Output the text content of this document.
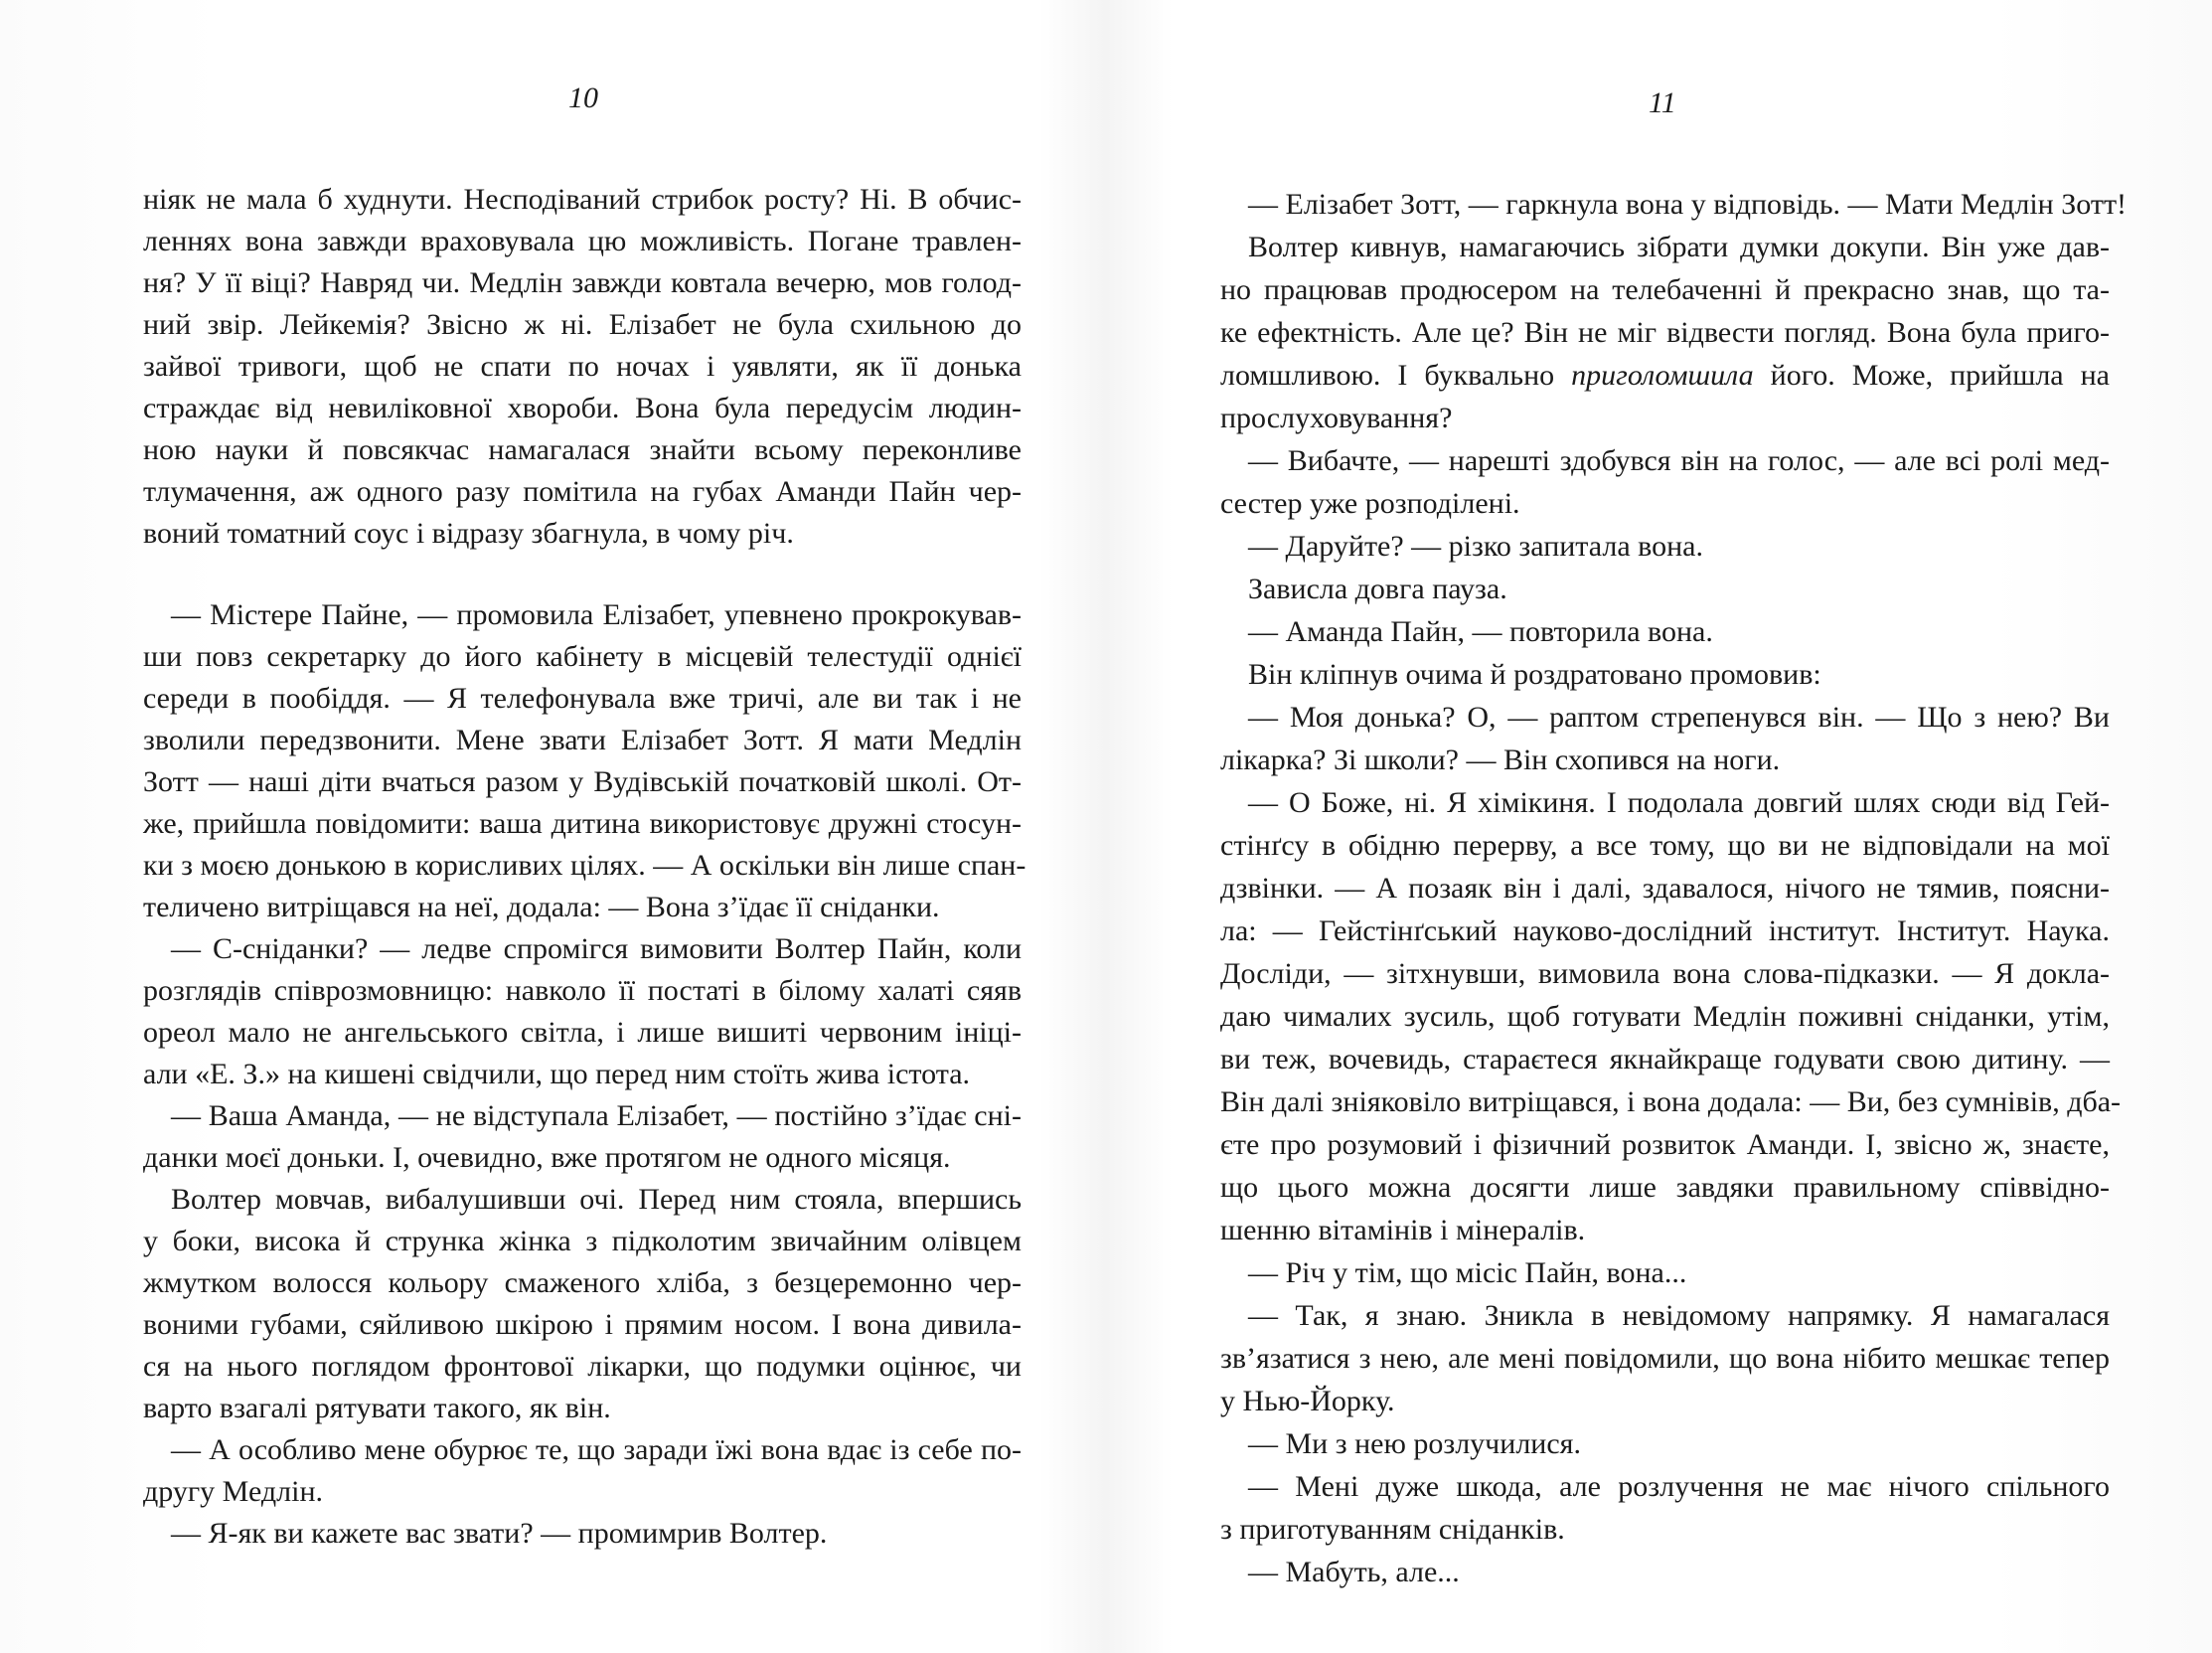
10	11
ніяк не мала б худнути. Несподіваний стрибок росту? Ні. В обчис-
леннях вона завжди враховувала цю можливість. Погане травлен-
ня? У її віці? Навряд чи. Медлін завжди ковтала вечерю, мов голод-
ний звір. Лейкемія? Звісно ж ні. Елізабет не була схильною до
зайвої тривоги, щоб не спати по ночах і уявляти, як її донька
страждає від невиліковної хвороби. Вона була передусім людин-
ною науки й повсякчас намагалася знайти всьому переконливе
тлумачення, аж одного разу помітила на губах Аманди Пайн чер-
воний томатний соус і відразу збагнула, в чому річ.
— Містере Пайне, — промовила Елізабет, упевнено прокрокував-
ши повз секретарку до його кабінету в місцевій телестудії однієї
середи в пообіддя. — Я телефонувала вже тричі, але ви так і не
зволили передзвонити. Мене звати Елізабет Зотт. Я мати Медлін
Зотт — наші діти вчаться разом у Вудівській початковій школі. От-
же, прийшла повідомити: ваша дитина використовує дружні стосун-
ки з моєю донькою в корисливих цілях. — А оскільки він лише спан-
теличено витріщався на неї, додала: — Вона з’їдає її сніданки.
— С-сніданки? — ледве спромігся вимовити Волтер Пайн, коли
розглядів співрозмовницю: навколо її постаті в білому халаті сяяв
ореол мало не ангельського світла, і лише вишиті червоним ініці-
али «Е. З.» на кишені свідчили, що перед ним стоїть жива істота.
— Ваша Аманда, — не відступала Елізабет, — постійно з’їдає сні-
данки моєї доньки. І, очевидно, вже протягом не одного місяця.
Волтер мовчав, вибалушивши очі. Перед ним стояла, впершись
у боки, висока й струнка жінка з підколотим звичайним олівцем
жмутком волосся кольору смаженого хліба, з безцеремонно чер-
воними губами, сяйливою шкірою і прямим носом. І вона дивила-
ся на нього поглядом фронтової лікарки, що подумки оцінює, чи
варто взагалі рятувати такого, як він.
— А особливо мене обурює те, що заради їжі вона вдає із себе по-
другу Медлін.
— Я-як ви кажете вас звати? — промимрив Волтер.
— Елізабет Зотт, — гаркнула вона у відповідь. — Мати Медлін Зотт!
Волтер кивнув, намагаючись зібрати думки докупи. Він уже дав-
но працював продюсером на телебаченні й прекрасно знав, що та-
ке ефектність. Але це? Він не міг відвести погляд. Вона була приго-
ломшливою. І буквально приголомшила його. Може, прийшла на
прослуховування?
— Вибачте, — нарешті здобувся він на голос, — але всі ролі мед-
сестер уже розподілені.
— Даруйте? — різко запитала вона.
Зависла довга пауза.
— Аманда Пайн, — повторила вона.
Він кліпнув очима й роздратовано промовив:
— Моя донька? О, — раптом стрепенувся він. — Що з нею? Ви
лікарка? Зі школи? — Він схопився на ноги.
— О Боже, ні. Я хімікиня. І подолала довгий шлях сюди від Гей-
стінґсу в обідню перерву, а все тому, що ви не відповідали на мої
дзвінки. — А позаяк він і далі, здавалося, нічого не тямив, поясни-
ла: — Гейстінґський науково-дослідний інститут. Інститут. Наука.
Досліди, — зітхнувши, вимовила вона слова-підказки. — Я докла-
даю чималих зусиль, щоб готувати Медлін поживні сніданки, утім,
ви теж, вочевидь, стараєтеся якнайкраще годувати свою дитину. —
Він далі зніяковіло витріщався, і вона додала: — Ви, без сумнівів, дба-
єте про розумовий і фізичний розвиток Аманди. І, звісно ж, знаєте,
що цього можна досягти лише завдяки правильному співвідно-
шенню вітамінів і мінералів.
— Річ у тім, що місіс Пайн, вона...
— Так, я знаю. Зникла в невідомому напрямку. Я намагалася
зв’язатися з нею, але мені повідомили, що вона нібито мешкає тепер
у Нью-Йорку.
— Ми з нею розлучилися.
— Мені дуже шкода, але розлучення не має нічого спільного
з приготуванням сніданків.
— Мабуть, але...
